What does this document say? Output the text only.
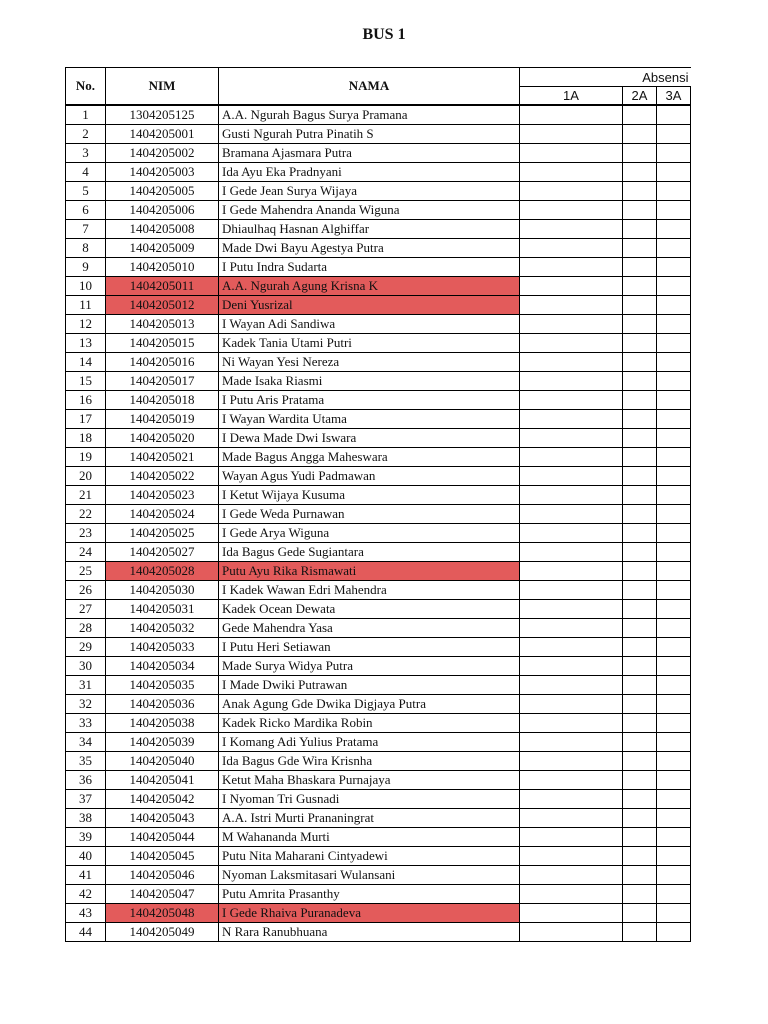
BUS 1
No.	NIM	NAMA	Absensi		
			1A	2A	3A
1	1304205125	A.A. Ngurah Bagus Surya Pramana			
2	1404205001	Gusti Ngurah Putra Pinatih S			
3	1404205002	Bramana Ajasmara Putra			
4	1404205003	Ida Ayu Eka Pradnyani			
5	1404205005	I Gede Jean Surya Wijaya			
6	1404205006	I Gede Mahendra Ananda Wiguna			
7	1404205008	Dhiaulhaq Hasnan Alghiffar			
8	1404205009	Made Dwi Bayu Agestya Putra			
9	1404205010	I Putu Indra Sudarta			
10	1404205011	A.A. Ngurah Agung Krisna K			
11	1404205012	Deni Yusrizal			
12	1404205013	I Wayan Adi Sandiwa			
13	1404205015	Kadek Tania Utami Putri			
14	1404205016	Ni Wayan Yesi Nereza			
15	1404205017	Made Isaka Riasmi			
16	1404205018	I Putu Aris Pratama			
17	1404205019	I Wayan Wardita Utama			
18	1404205020	I Dewa Made Dwi Iswara			
19	1404205021	Made Bagus Angga Maheswara			
20	1404205022	Wayan Agus Yudi Padmawan			
21	1404205023	I Ketut Wijaya Kusuma			
22	1404205024	I Gede Weda Purnawan			
23	1404205025	I Gede Arya Wiguna			
24	1404205027	Ida Bagus Gede Sugiantara			
25	1404205028	Putu Ayu Rika Rismawati			
26	1404205030	I Kadek Wawan Edri Mahendra			
27	1404205031	Kadek Ocean Dewata			
28	1404205032	Gede Mahendra Yasa			
29	1404205033	I Putu Heri Setiawan			
30	1404205034	Made Surya Widya Putra			
31	1404205035	I Made Dwiki Putrawan			
32	1404205036	Anak Agung Gde Dwika Digjaya Putra			
33	1404205038	Kadek Ricko Mardika Robin			
34	1404205039	I Komang Adi Yulius Pratama			
35	1404205040	Ida Bagus Gde Wira Krisnha			
36	1404205041	Ketut Maha Bhaskara Purnajaya			
37	1404205042	I Nyoman Tri Gusnadi			
38	1404205043	A.A. Istri Murti Prananingrat			
39	1404205044	M Wahananda Murti			
40	1404205045	Putu Nita Maharani Cintyadewi			
41	1404205046	Nyoman Laksmitasari Wulansani			
42	1404205047	Putu Amrita Prasanthy			
43	1404205048	I Gede Rhaiva Puranadeva			
44	1404205049	N Rara Ranubhuana			
